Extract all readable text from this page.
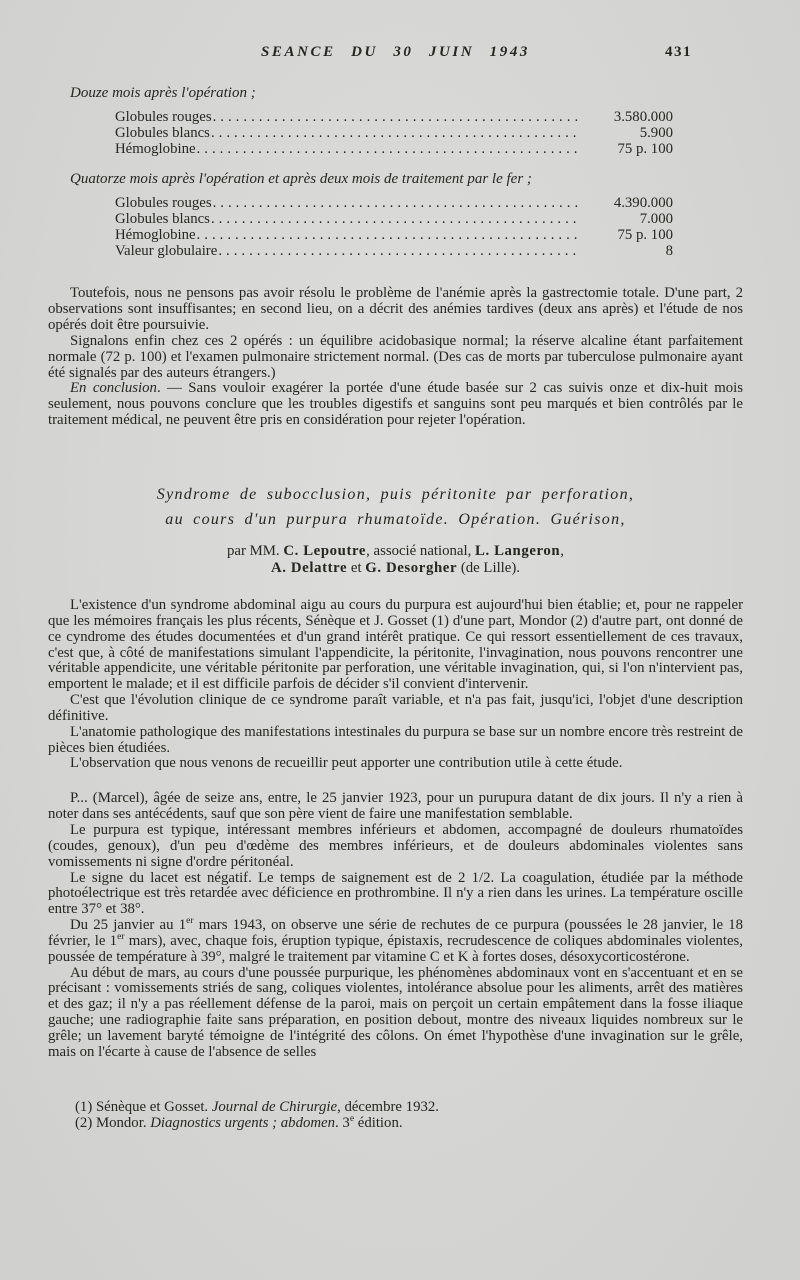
SEANCE DU 30 JUIN 1943	431

Douze mois après l'opération ;

Globules rouges .....	3.580.000
Globules blancs .....	5.900
Hémoglobine .....	75 p. 100

Quatorze mois après l'opération et après deux mois de traitement par le fer ;

Globules rouges .....	4.390.000
Globules blancs .....	7.000
Hémoglobine .....	75 p. 100
Valeur globulaire .....	8

Toutefois, nous ne pensons pas avoir résolu le problème de l'anémie après la gastrectomie totale. D'une part, 2 observations sont insuffisantes; en second lieu, on a décrit des anémies tardives (deux ans après) et l'étude de nos opérés doit être poursuivie.

Signalons enfin chez ces 2 opérés : un équilibre acidobasique normal; la réserve alcaline étant parfaitement normale (72 p. 100) et l'examen pulmonaire strictement normal. (Des cas de morts par tuberculose pulmonaire ayant été signalés par des auteurs étrangers.)

En conclusion. — Sans vouloir exagérer la portée d'une étude basée sur 2 cas suivis onze et dix-huit mois seulement, nous pouvons conclure que les troubles digestifs et sanguins sont peu marqués et bien contrôlés par le traitement médical, ne peuvent être pris en considération pour rejeter l'opération.

Syndrome de subocclusion, puis péritonite par perforation,
au cours d'un purpura rhumatoïde. Opération. Guérison,
par MM. C. Lepoutre, associé national, L. Langeron,
A. Delattre et G. Desorgher (de Lille).

L'existence d'un syndrome abdominal aigu au cours du purpura est aujourd'hui bien établie; et, pour ne rappeler que les mémoires français les plus récents, Sénèque et J. Gosset (1) d'une part, Mondor (2) d'autre part, ont donné de ce cyndrome des études documentées et d'un grand intérêt pratique. Ce qui ressort essentiellement de ces travaux, c'est que, à côté de manifestations simulant l'appendicite, la péritonite, l'invagination, nous pouvons rencontrer une véritable appendicite, une véritable péritonite par perforation, une véritable invagination, qui, si l'on n'intervient pas, emportent le malade; et il est difficile parfois de décider s'il convient d'intervenir.

C'est que l'évolution clinique de ce syndrome paraît variable, et n'a pas fait, jusqu'ici, l'objet d'une description définitive.

L'anatomie pathologique des manifestations intestinales du purpura se base sur un nombre encore très restreint de pièces bien étudiées.

L'observation que nous venons de recueillir peut apporter une contribution utile à cette étude.

P... (Marcel), âgée de seize ans, entre, le 25 janvier 1923, pour un purupura datant de dix jours. Il n'y a rien à noter dans ses antécédents, sauf que son père vient de faire une manifestation semblable.

Le purpura est typique, intéressant membres inférieurs et abdomen, accompagné de douleurs rhumatoïdes (coudes, genoux), d'un peu d'œdème des membres inférieurs, et de douleurs abdominales violentes sans vomissements ni signe d'ordre péritonéal.

Le signe du lacet est négatif. Le temps de saignement est de 2 1/2. La coagulation, étudiée par la méthode photoélectrique est très retardée avec déficience en prothrombine. Il n'y a rien dans les urines. La température oscille entre 37° et 38°.

Du 25 janvier au 1er mars 1943, on observe une série de rechutes de ce purpura (poussées le 28 janvier, le 18 février, le 1er mars), avec, chaque fois, éruption typique, épistaxis, recrudescence de coliques abdominales violentes, poussée de température à 39°, malgré le traitement par vitamine C et K à fortes doses, désoxycorticostérone.

Au début de mars, au cours d'une poussée purpurique, les phénomènes abdominaux vont en s'accentuant et en se précisant : vomissements striés de sang, coliques violentes, intolérance absolue pour les aliments, arrêt des matières et des gaz; il n'y a pas réellement défense de la paroi, mais on perçoit un certain empâtement dans la fosse iliaque gauche; une radiographie faite sans préparation, en position debout, montre des niveaux liquides nombreux sur le grêle; un lavement baryté témoigne de l'intégrité des côlons. On émet l'hypothèse d'une invagination sur le grêle, mais on l'écarte à cause de l'absence de selles

(1) Sénèque et Gosset. Journal de Chirurgie, décembre 1932.

(2) Mondor. Diagnostics urgents ; abdomen. 3e édition.
